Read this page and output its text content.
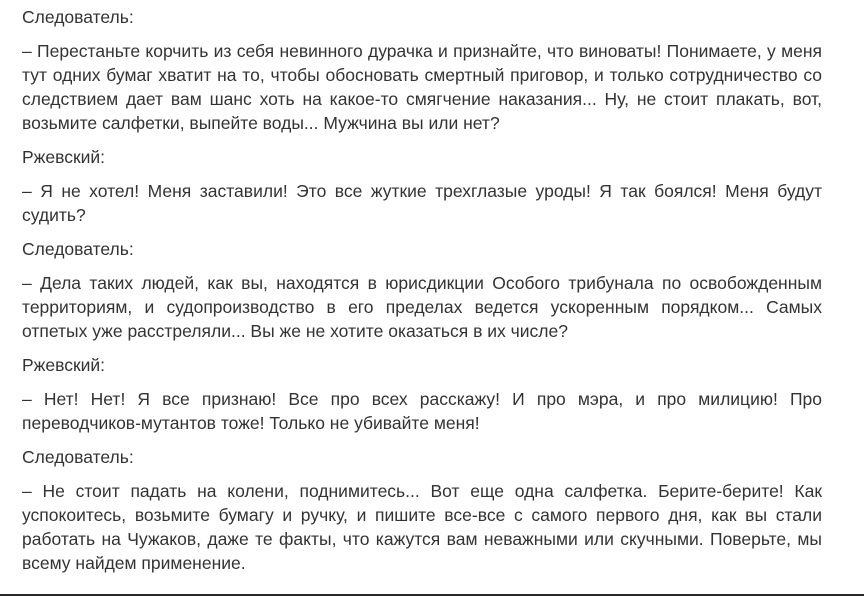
Следователь:
– Перестаньте корчить из себя невинного дурачка и признайте, что виноваты! Понимаете, у меня тут одних бумаг хватит на то, чтобы обосновать смертный приговор, и только сотрудничество со следствием дает вам шанс хоть на какое-то смягчение наказания... Ну, не стоит плакать, вот, возьмите салфетки, выпейте воды... Мужчина вы или нет?
Ржевский:
– Я не хотел! Меня заставили! Это все жуткие трехглазые уроды! Я так боялся! Меня будут судить?
Следователь:
– Дела таких людей, как вы, находятся в юрисдикции Особого трибунала по освобожденным территориям, и судопроизводство в его пределах ведется ускоренным порядком... Самых отпетых уже расстреляли... Вы же не хотите оказаться в их числе?
Ржевский:
– Нет! Нет! Я все признаю! Все про всех расскажу! И про мэра, и про милицию! Про переводчиков-мутантов тоже! Только не убивайте меня!
Следователь:
– Не стоит падать на колени, поднимитесь... Вот еще одна салфетка. Берите-берите! Как успокоитесь, возьмите бумагу и ручку, и пишите все-все с самого первого дня, как вы стали работать на Чужаков, даже те факты, что кажутся вам неважными или скучными. Поверьте, мы всему найдем применение.
